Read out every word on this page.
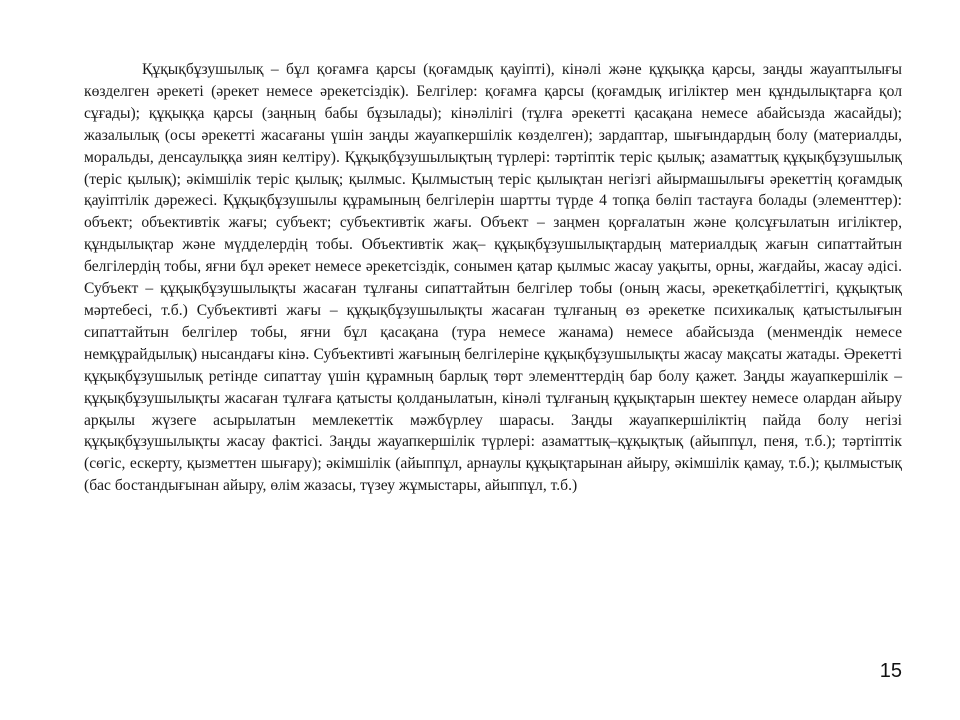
Құқықбұзушылық – бұл қоғамға қарсы (қоғамдық қауіпті), кінәлі және құқыққа қарсы, заңды жауаптылығы көзделген әрекеті (әрекет немесе әрекетсіздік). Белгілер: қоғамға қарсы (қоғамдық игіліктер мен құндылықтарға қол сұғады); құқыққа қарсы (заңның бабы бұзылады); кінәлілігі (тұлға әрекетті қасақана немесе абайсызда жасайды); жазалылық (осы әрекетті жасағаны үшін заңды жауапкершілік көзделген); зардаптар, шығындардың болу (материалды, моральды, денсаулыққа зиян келтіру). Құқықбұзушылықтың түрлері: тәртіптік теріс қылық; азаматтық құқықбұзушылық (теріс қылық); әкімшілік теріс қылық; қылмыс. Қылмыстың теріс қылықтан негізгі айырмашылығы әрекеттің қоғамдық қауіптілік дәрежесі. Құқықбұзушылы құрамының белгілерін шартты түрде 4 топқа бөліп тастауға болады (элементтер): объект; объективтік жағы; субъект; субъективтік жағы. Объект – заңмен қорғалатын және қолсұғылатын игіліктер, құндылықтар және мүдделердің тобы. Объективтік жақ– құқықбұзушылықтардың материалдық жағын сипаттайтын белгілердің тобы, яғни бұл әрекет немесе әрекетсіздік, сонымен қатар қылмыс жасау уақыты, орны, жағдайы, жасау әдісі. Субъект – құқықбұзушылықты жасаған тұлғаны сипаттайтын белгілер тобы (оның жасы, әрекетқабілеттігі, құқықтық мәртебесі, т.б.) Субъективті жағы – құқықбұзушылықты жасаған тұлғаның өз әрекетке психикалық қатыстылығын сипаттайтын белгілер тобы, яғни бұл қасақана (тура немесе жанама) немесе абайсызда (менмендік немесе немқұрайдылық) нысандағы кінә. Субъективті жағының белгілеріне құқықбұзушылықты жасау мақсаты жатады. Әрекетті құқықбұзушылық ретінде сипаттау үшін құрамның барлық төрт элементтердің бар болу қажет. Заңды жауапкершілік – құқықбұзушылықты жасаған тұлғаға қатысты қолданылатын, кінәлі тұлғаның құқықтарын шектеу немесе олардан айыру арқылы жүзеге асырылатын мемлекеттік мәжбүрлеу шарасы. Заңды жауапкершіліктің пайда болу негізі құқықбұзушылықты жасау фактісі. Заңды жауапкершілік түрлері: азаматтық–құқықтық (айыппұл, пеня, т.б.); тәртіптік (сөгіс, ескерту, қызметтен шығару); әкімшілік (айыппұл, арнаулы құқықтарынан айыру, әкімшілік қамау, т.б.); қылмыстық (бас бостандығынан айыру, өлім жазасы, түзеу жұмыстары, айыппұл, т.б.)

15
